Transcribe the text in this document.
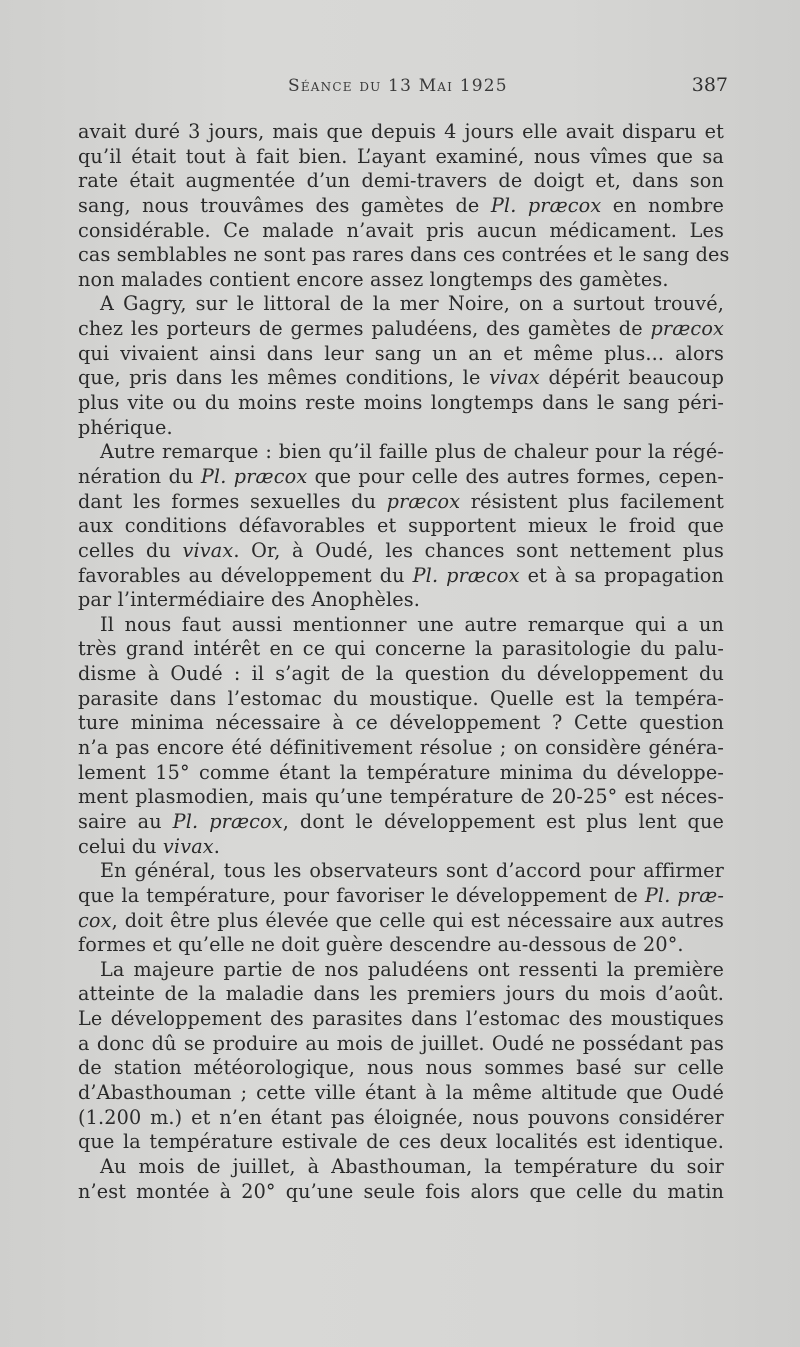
Séance du 13 Mai 1925	387
avait duré 3 jours, mais que depuis 4 jours elle avait disparu et
qu’il était tout à fait bien. L’ayant examiné, nous vîmes que sa
rate était augmentée d’un demi-travers de doigt et, dans son
sang, nous trouvâmes des gamètes de Pl. præcox en nombre
considérable. Ce malade n’avait pris aucun médicament. Les
cas semblables ne sont pas rares dans ces contrées et le sang des
non malades contient encore assez longtemps des gamètes.
A Gagry, sur le littoral de la mer Noire, on a surtout trouvé,
chez les porteurs de germes paludéens, des gamètes de præcox
qui vivaient ainsi dans leur sang un an et même plus... alors
que, pris dans les mêmes conditions, le vivax dépérit beaucoup
plus vite ou du moins reste moins longtemps dans le sang péri-
phérique.
Autre remarque : bien qu’il faille plus de chaleur pour la régé-
nération du Pl. præcox que pour celle des autres formes, cepen-
dant les formes sexuelles du præcox résistent plus facilement
aux conditions défavorables et supportent mieux le froid que
celles du vivax. Or, à Oudé, les chances sont nettement plus
favorables au développement du Pl. præcox et à sa propagation
par l’intermédiaire des Anophèles.
Il nous faut aussi mentionner une autre remarque qui a un
très grand intérêt en ce qui concerne la parasitologie du palu-
disme à Oudé : il s’agit de la question du développement du
parasite dans l’estomac du moustique. Quelle est la tempéra-
ture minima nécessaire à ce développement ? Cette question
n’a pas encore été définitivement résolue ; on considère généra-
lement 15° comme étant la température minima du développe-
ment plasmodien, mais qu’une température de 20-25° est néces-
saire au Pl. præcox, dont le développement est plus lent que
celui du vivax.
En général, tous les observateurs sont d’accord pour affirmer
que la température, pour favoriser le développement de Pl. præ-
cox, doit être plus élevée que celle qui est nécessaire aux autres
formes et qu’elle ne doit guère descendre au-dessous de 20°.
La majeure partie de nos paludéens ont ressenti la première
atteinte de la maladie dans les premiers jours du mois d’août.
Le développement des parasites dans l’estomac des moustiques
a donc dû se produire au mois de juillet. Oudé ne possédant pas
de station météorologique, nous nous sommes basé sur celle
d’Abasthouman ; cette ville étant à la même altitude que Oudé
(1.200 m.) et n’en étant pas éloignée, nous pouvons considérer
que la température estivale de ces deux localités est identique.
Au mois de juillet, à Abasthouman, la température du soir
n’est montée à 20° qu’une seule fois alors que celle du matin
